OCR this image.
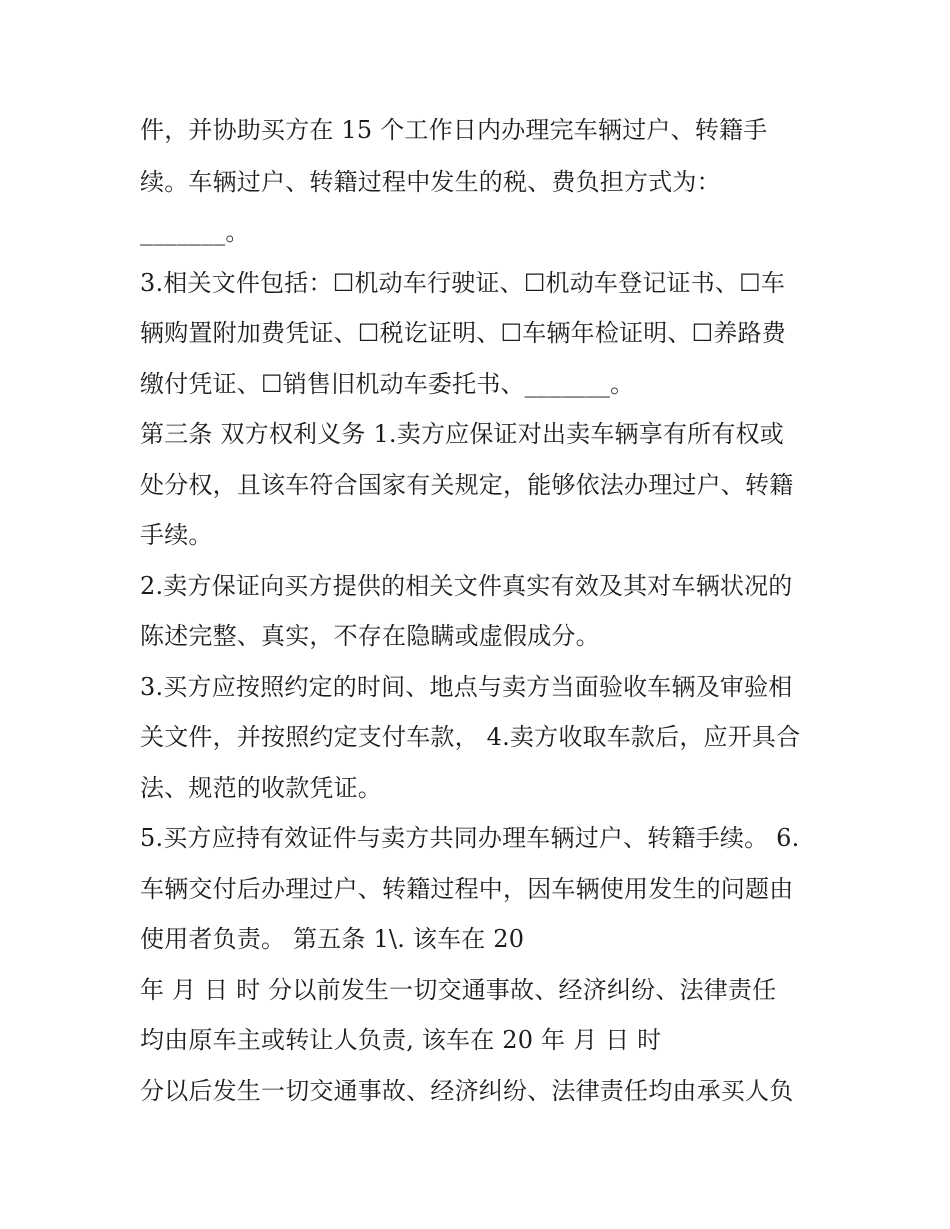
件，并协助买方在 15 个工作日内办理完车辆过户、转籍手
续。车辆过户、转籍过程中发生的税、费负担方式为：
_______。
3.相关文件包括：☐机动车行驶证、☐机动车登记证书、☐车
辆购置附加费凭证、☐税讫证明、☐车辆年检证明、☐养路费
缴付凭证、☐销售旧机动车委托书、_______。
第三条 双方权利义务 1.卖方应保证对出卖车辆享有所有权或
处分权，且该车符合国家有关规定，能够依法办理过户、转籍
手续。
2.卖方保证向买方提供的相关文件真实有效及其对车辆状况的
陈述完整、真实，不存在隐瞒或虚假成分。
3.买方应按照约定的时间、地点与卖方当面验收车辆及审验相
关文件，并按照约定支付车款， 4.卖方收取车款后，应开具合
法、规范的收款凭证。
5.买方应持有效证件与卖方共同办理车辆过户、转籍手续。 6.
车辆交付后办理过户、转籍过程中，因车辆使用发生的问题由
使用者负责。 第五条 1\. 该车在 20
年 月 日 时 分以前发生一切交通事故、经济纠纷、法律责任
均由原车主或转让人负责, 该车在 20 年 月 日 时
分以后发生一切交通事故、经济纠纷、法律责任均由承买人负
